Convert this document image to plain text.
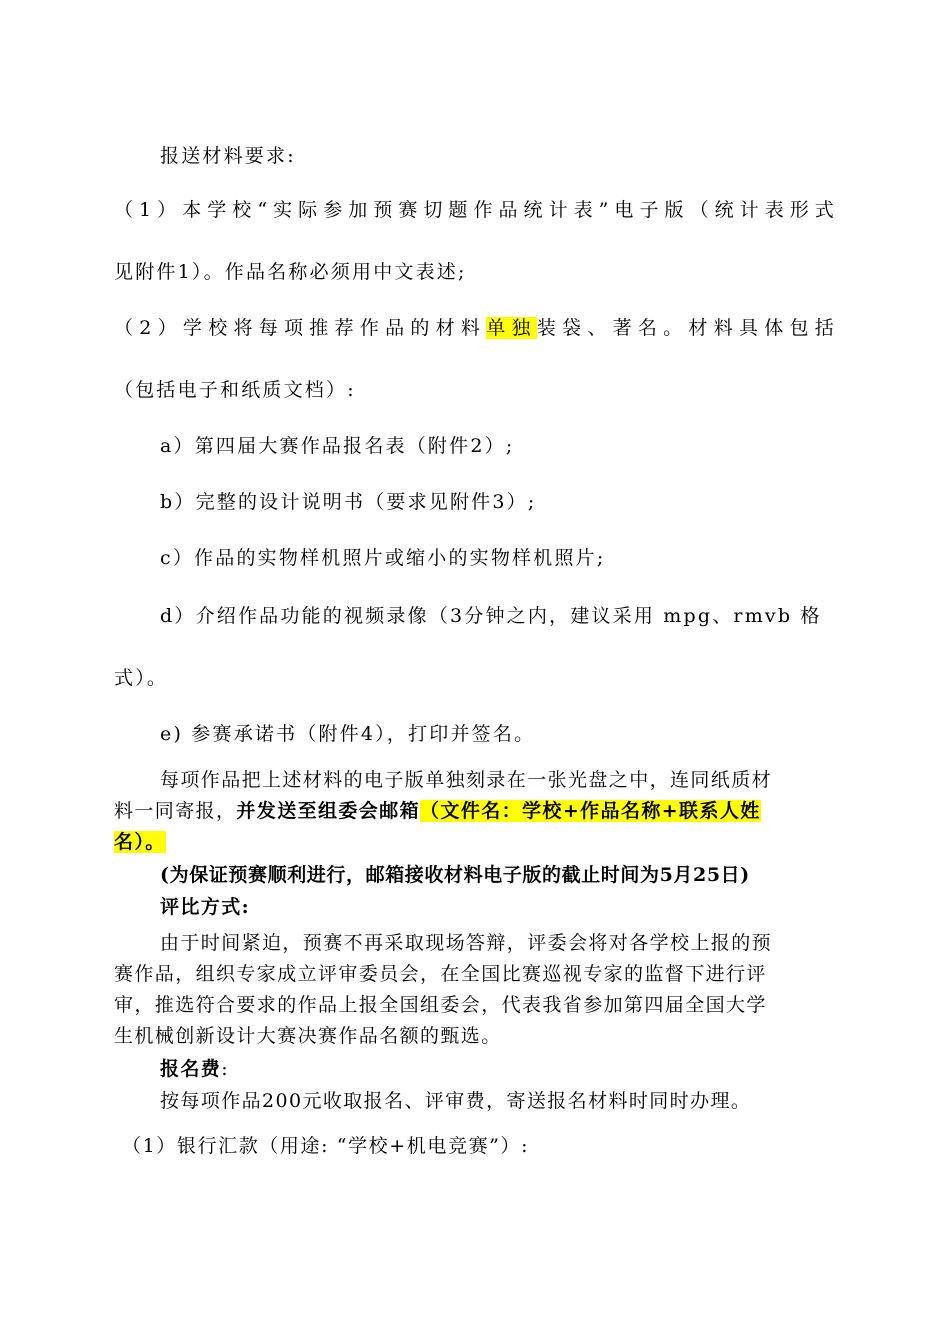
报送材料要求:
（1）本学校“实际参加预赛切题作品统计表”电子版（统计表形式
见附件1）。作品名称必须用中文表述;
（2）学校将每项推荐作品的材料单独装袋、著名。材料具体包括
（包括电子和纸质文档）:
a）第四届大赛作品报名表（附件2）;
b）完整的设计说明书（要求见附件3）;
c）作品的实物样机照片或缩小的实物样机照片;
d）介绍作品功能的视频录像（3分钟之内，建议采用 mpg、rmvb 格
式）。
e) 参赛承诺书（附件4），打印并签名。
每项作品把上述材料的电子版单独刻录在一张光盘之中，连同纸质材
料一同寄报，并发送至组委会邮箱（文件名：学校+作品名称+联系人姓
名）。
(为保证预赛顺利进行，邮箱接收材料电子版的截止时间为5月25日)
评比方式:
由于时间紧迫，预赛不再采取现场答辩，评委会将对各学校上报的预
赛作品，组织专家成立评审委员会，在全国比赛巡视专家的监督下进行评
审，推选符合要求的作品上报全国组委会，代表我省参加第四届全国大学
生机械创新设计大赛决赛作品名额的甄选。
报名费:
按每项作品200元收取报名、评审费，寄送报名材料时同时办理。
（1）银行汇款（用途: “学校+机电竞赛”）:
